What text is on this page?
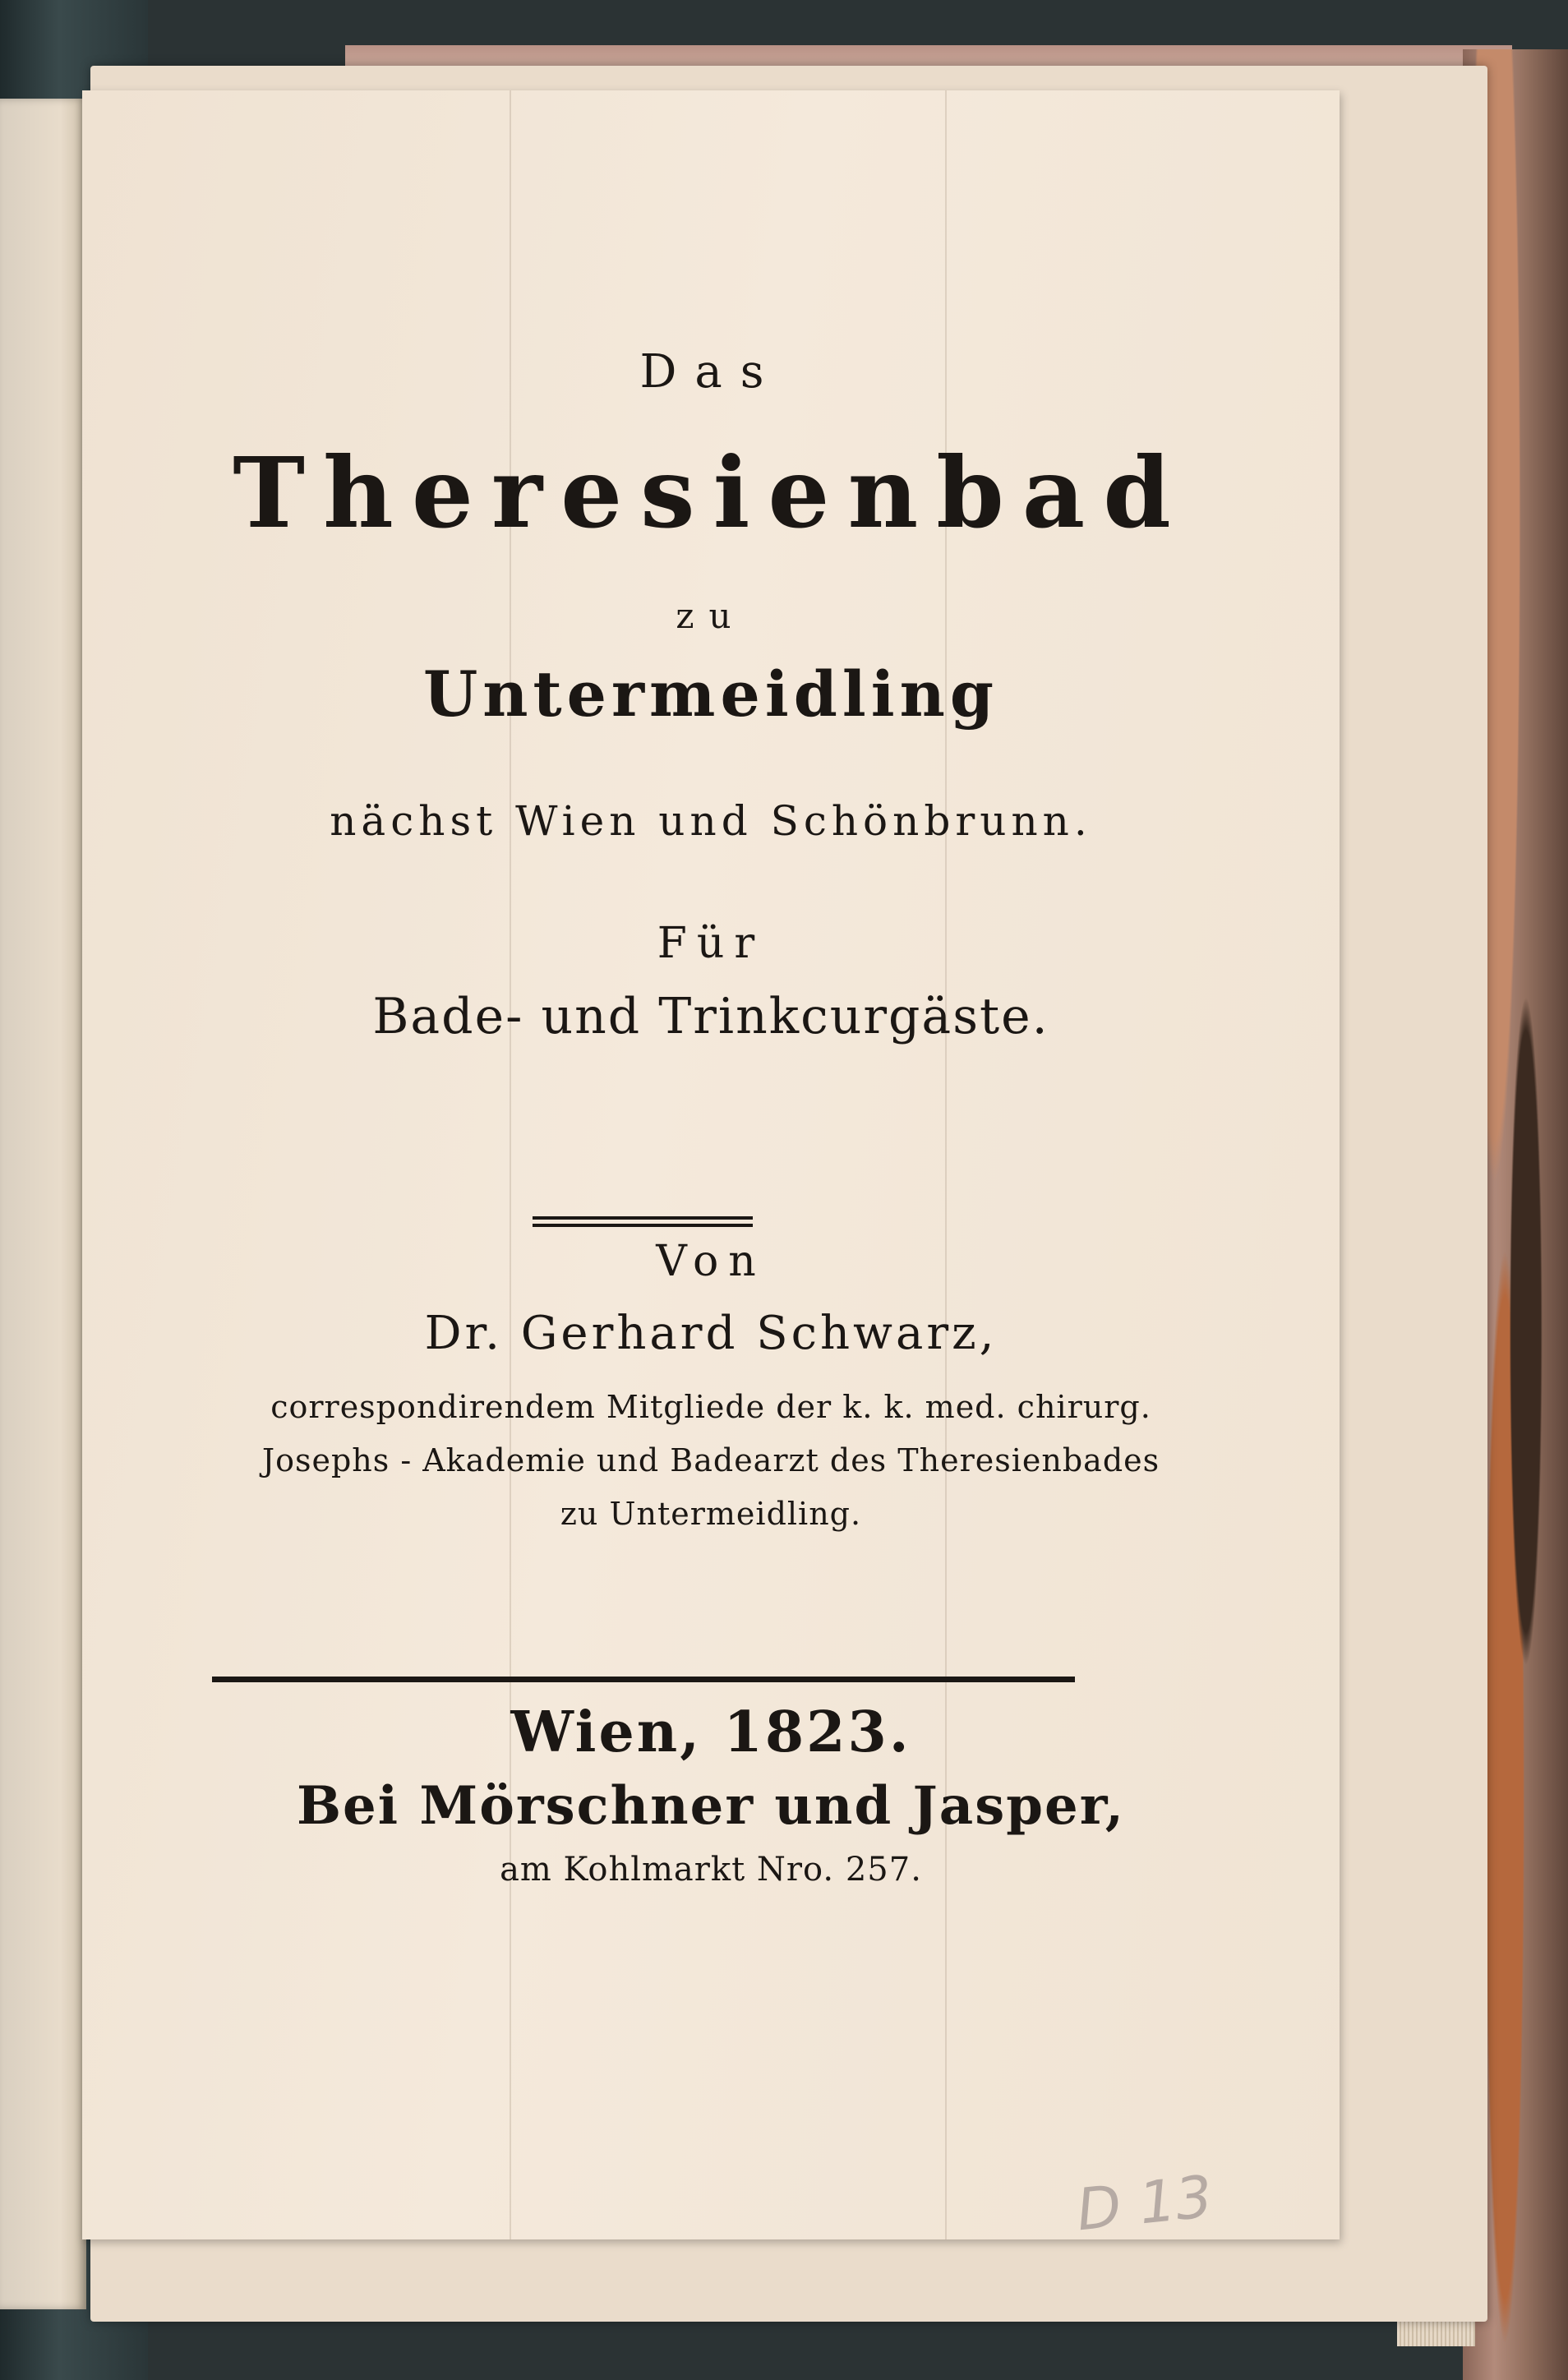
Das
Theresienbad
zu
Untermeidling
nächst Wien und Schönbrunn.
Für
Bade- und Trinkcurgäste.
Von
Dr. Gerhard Schwarz,
correspondirendem Mitgliede der k. k. med. chirurg.
Josephs - Akademie und Badearzt des Theresienbades
zu Untermeidling.
Wien, 1823.
Bei Mörschner und Jasper,
am Kohlmarkt Nro. 257.
D 13
